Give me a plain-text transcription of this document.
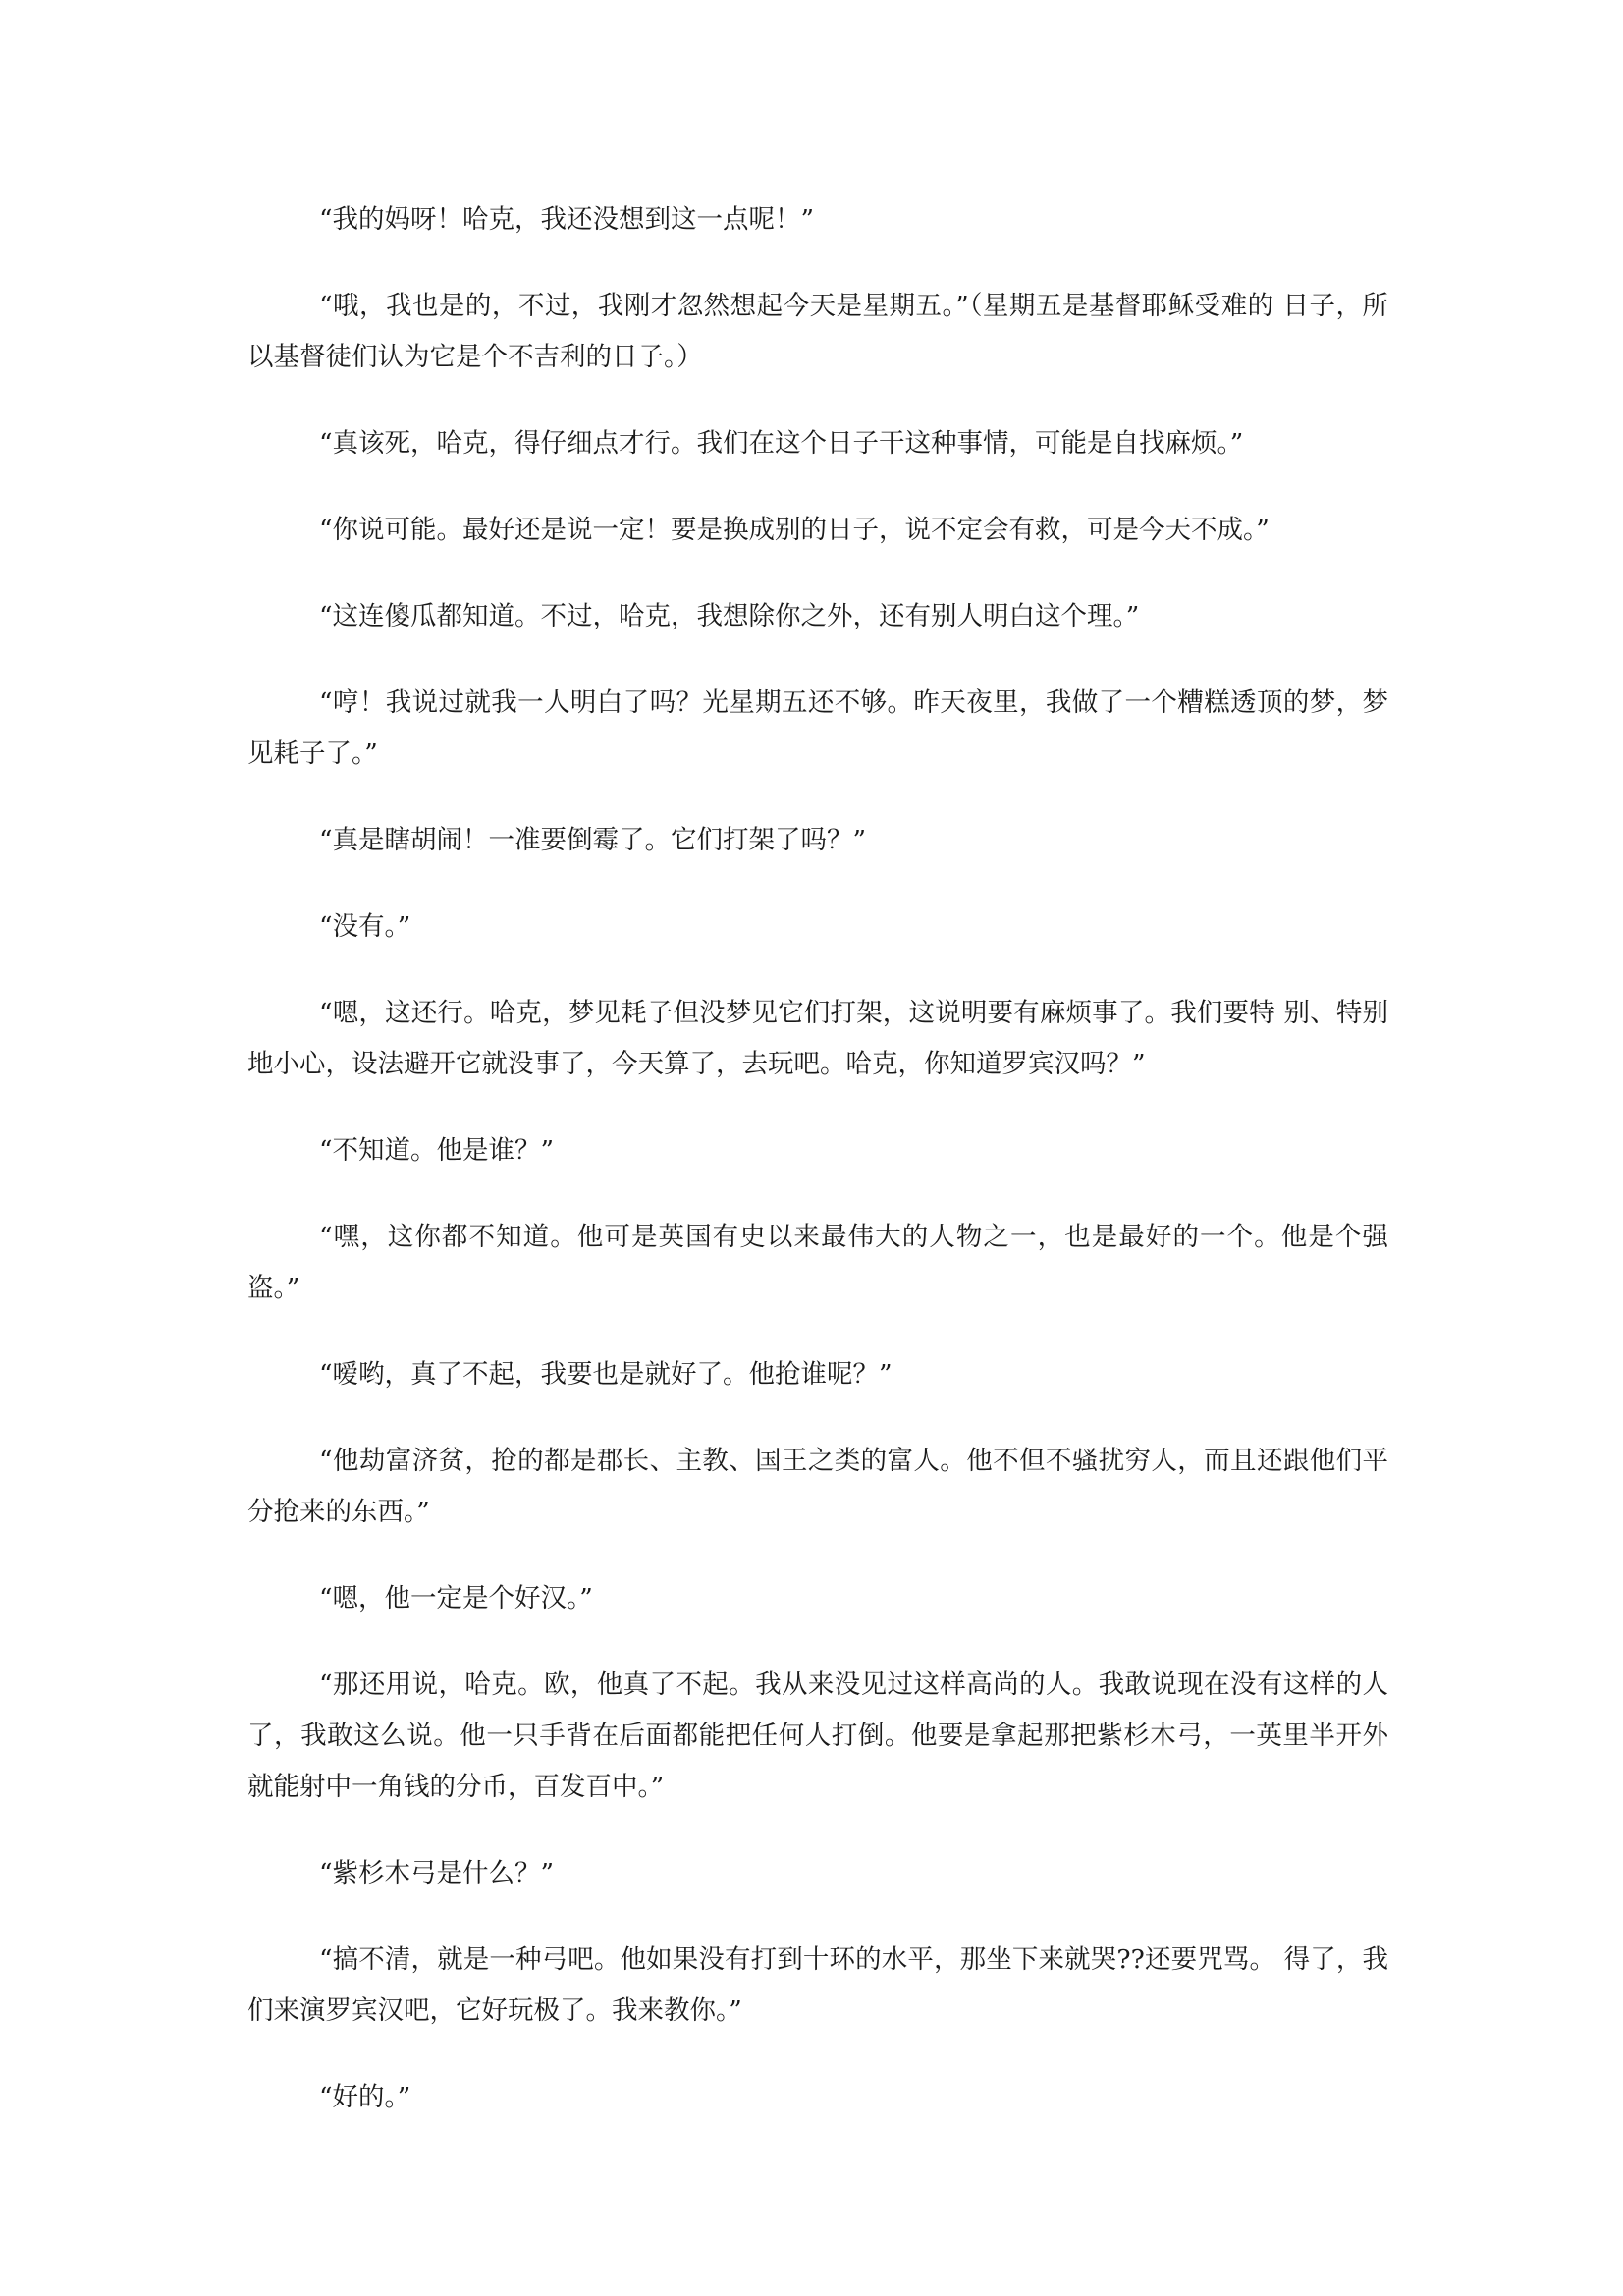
“我的妈呀！哈克，我还没想到这一点呢！”

“哦，我也是的，不过，我刚才忽然想起今天是星期五。”（星期五是基督耶稣受难的 日子，所以基督徒们认为它是个不吉利的日子。）

“真该死，哈克，得仔细点才行。我们在这个日子干这种事情，可能是自找麻烦。”

“你说可能。最好还是说一定！要是换成别的日子，说不定会有救，可是今天不成。”

“这连傻瓜都知道。不过，哈克，我想除你之外，还有别人明白这个理。”

“哼！我说过就我一人明白了吗？光星期五还不够。昨天夜里，我做了一个糟糕透顶的梦，梦见耗子了。”

“真是瞎胡闹！一准要倒霉了。它们打架了吗？”

“没有。”

“嗯，这还行。哈克，梦见耗子但没梦见它们打架，这说明要有麻烦事了。我们要特 别、特别地小心，设法避开它就没事了，今天算了，去玩吧。哈克，你知道罗宾汉吗？”

“不知道。他是谁？”

“嘿，这你都不知道。他可是英国有史以来最伟大的人物之一，也是最好的一个。他是个强盗。”

“嗳哟，真了不起，我要也是就好了。他抢谁呢？”

“他劫富济贫，抢的都是郡长、主教、国王之类的富人。他不但不骚扰穷人，而且还跟他们平分抢来的东西。”

“嗯，他一定是个好汉。”

“那还用说，哈克。欧，他真了不起。我从来没见过这样高尚的人。我敢说现在没有这样的人了，我敢这么说。他一只手背在后面都能把任何人打倒。他要是拿起那把紫杉木弓，一英里半开外就能射中一角钱的分币，百发百中。”

“紫杉木弓是什么？”

“搞不清，就是一种弓吧。他如果没有打到十环的水平，那坐下来就哭??还要咒骂。 得了，我们来演罗宾汉吧，它好玩极了。我来教你。”

“好的。”
